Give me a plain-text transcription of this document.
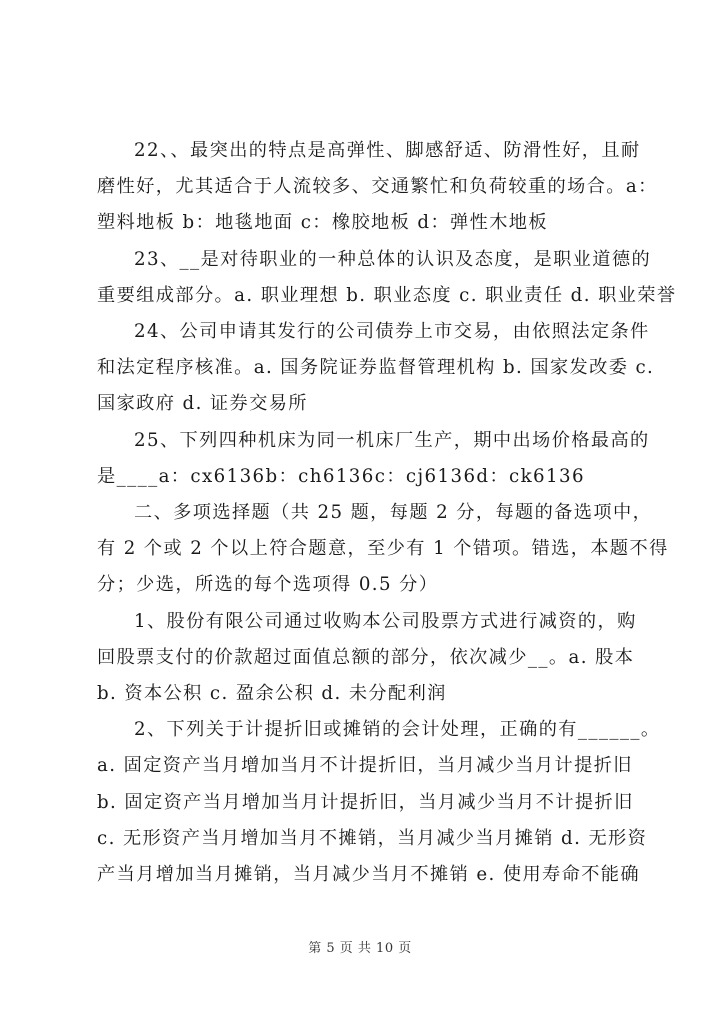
22、、最突出的特点是高弹性、脚感舒适、防滑性好，且耐
磨性好，尤其适合于人流较多、交通繁忙和负荷较重的场合。a：
塑料地板 b：地毯地面 c：橡胶地板 d：弹性木地板

23、__是对待职业的一种总体的认识及态度，是职业道德的
重要组成部分。a. 职业理想 b. 职业态度 c. 职业责任 d. 职业荣誉

24、公司申请其发行的公司债券上市交易，由依照法定条件
和法定程序核准。a. 国务院证券监督管理机构 b. 国家发改委 c.
国家政府 d. 证券交易所

25、下列四种机床为同一机床厂生产，期中出场价格最高的
是____a：cx6136b：ch6136c：cj6136d：ck6136

二、多项选择题（共 25 题，每题 2 分，每题的备选项中，
有 2 个或 2 个以上符合题意，至少有 1 个错项。错选，本题不得
分；少选，所选的每个选项得 0.5 分）

1、股份有限公司通过收购本公司股票方式进行减资的，购
回股票支付的价款超过面值总额的部分，依次减少__。a. 股本
b. 资本公积 c. 盈余公积 d. 未分配利润

2、下列关于计提折旧或摊销的会计处理，正确的有______。
a. 固定资产当月增加当月不计提折旧，当月减少当月计提折旧
b. 固定资产当月增加当月计提折旧，当月减少当月不计提折旧
c. 无形资产当月增加当月不摊销，当月减少当月摊销 d. 无形资
产当月增加当月摊销，当月减少当月不摊销 e. 使用寿命不能确

第 5 页 共 10 页
